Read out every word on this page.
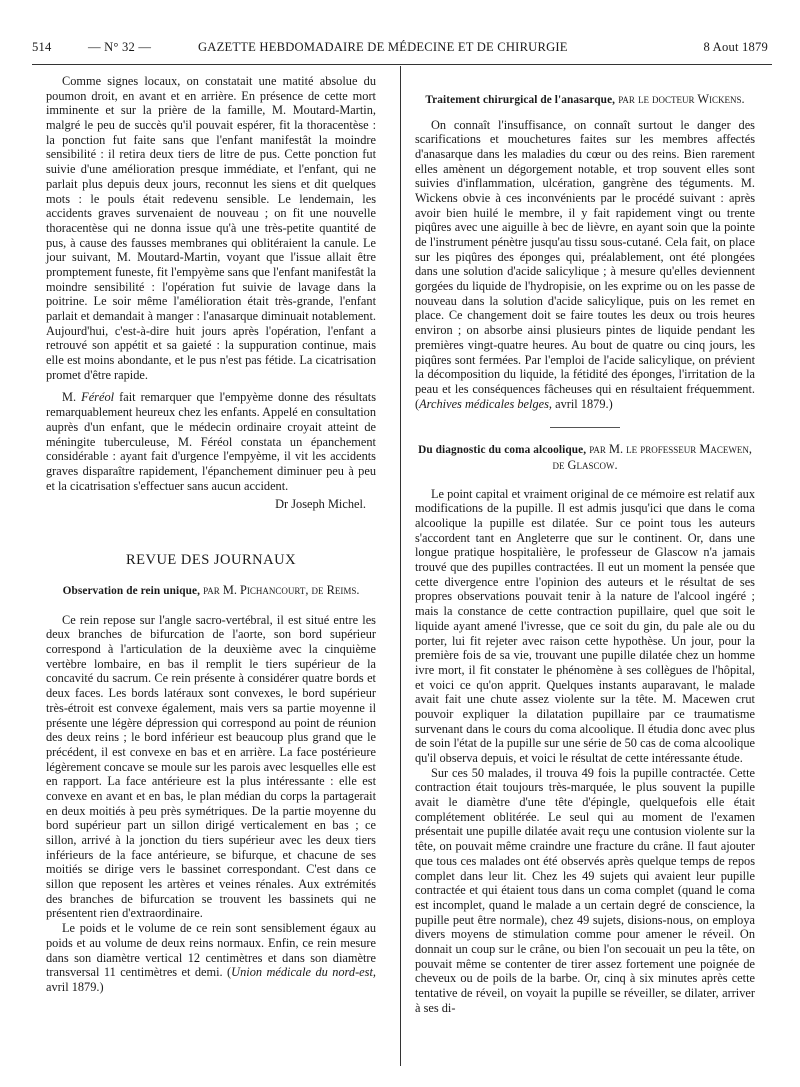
514	— N° 32 —	GAZETTE HEBDOMADAIRE DE MÉDECINE ET DE CHIRURGIE	8 Aout 1879

Comme signes locaux, on constatait une matité absolue du poumon droit, en avant et en arrière. En présence de cette mort imminente et sur la prière de la famille, M. Moutard-Martin, malgré le peu de succès qu'il pouvait espérer, fit la thoracentèse : la ponction fut faite sans que l'enfant manifestât la moindre sensibilité : il retira deux tiers de litre de pus. Cette ponction fut suivie d'une amélioration presque immédiate, et l'enfant, qui ne parlait plus depuis deux jours, reconnut les siens et dit quelques mots : le pouls était redevenu sensible. Le lendemain, les accidents graves survenaient de nouveau ; on fit une nouvelle thoracentèse qui ne donna issue qu'à une très-petite quantité de pus, à cause des fausses membranes qui oblitéraient la canule. Le jour suivant, M. Moutard-Martin, voyant que l'issue allait être promptement funeste, fit l'empyème sans que l'enfant manifestât la moindre sensibilité : l'opération fut suivie de lavage dans la poitrine. Le soir même l'amélioration était très-grande, l'enfant parlait et demandait à manger : l'anasarque diminuait notablement. Aujourd'hui, c'est-à-dire huit jours après l'opération, l'enfant a retrouvé son appétit et sa gaieté : la suppuration continue, mais elle est moins abondante, et le pus n'est pas fétide. La cicatrisation promet d'être rapide.

M. Féréol fait remarquer que l'empyème donne des résultats remarquablement heureux chez les enfants. Appelé en consultation auprès d'un enfant, que le médecin ordinaire croyait atteint de méningite tuberculeuse, M. Féréol constata un épanchement considérable : ayant fait d'urgence l'empyème, il vit les accidents graves disparaître rapidement, l'épanchement diminuer peu à peu et la cicatrisation s'effectuer sans aucun accident.

Dr Joseph Michel.

REVUE DES JOURNAUX

Observation de rein unique, par M. Pichancourt, de Reims.

Ce rein repose sur l'angle sacro-vertébral, il est situé entre les deux branches de bifurcation de l'aorte, son bord supérieur correspond à l'articulation de la deuxième avec la cinquième vertèbre lombaire, en bas il remplit le tiers supérieur de la concavité du sacrum. Ce rein présente à considérer quatre bords et deux faces. Les bords latéraux sont convexes, le bord supérieur très-étroit est convexe également, mais vers sa partie moyenne il présente une légère dépression qui correspond au point de réunion des deux reins ; le bord inférieur est beaucoup plus grand que le précédent, il est convexe en bas et en arrière. La face postérieure légèrement concave se moule sur les parois avec lesquelles elle est en rapport. La face antérieure est la plus intéressante : elle est convexe en avant et en bas, le plan médian du corps la partagerait en deux moitiés à peu près symétriques. De la partie moyenne du bord supérieur part un sillon dirigé verticalement en bas ; ce sillon, arrivé à la jonction du tiers supérieur avec les deux tiers inférieurs de la face antérieure, se bifurque, et chacune de ses moitiés se dirige vers le bassinet correspondant. C'est dans ce sillon que reposent les artères et veines rénales. Aux extrémités des branches de bifurcation se trouvent les bassinets qui ne présentent rien d'extraordinaire.

Le poids et le volume de ce rein sont sensiblement égaux au poids et au volume de deux reins normaux. Enfin, ce rein mesure dans son diamètre vertical 12 centimètres et dans son diamètre transversal 11 centimètres et demi. (Union médicale du nord-est, avril 1879.)

Traitement chirurgical de l'anasarque, par le docteur Wickens.

On connaît l'insuffisance, on connaît surtout le danger des scarifications et mouchetures faites sur les membres affectés d'anasarque dans les maladies du cœur ou des reins. Bien rarement elles amènent un dégorgement notable, et trop souvent elles sont suivies d'inflammation, ulcération, gangrène des téguments. M. Wickens obvie à ces inconvénients par le procédé suivant : après avoir bien huilé le membre, il y fait rapidement vingt ou trente piqûres avec une aiguille à bec de lièvre, en ayant soin que la pointe de l'instrument pénètre jusqu'au tissu sous-cutané. Cela fait, on place sur les piqûres des éponges qui, préalablement, ont été plongées dans une solution d'acide salicylique ; à mesure qu'elles deviennent gorgées du liquide de l'hydropisie, on les exprime ou on les passe de nouveau dans la solution d'acide salicylique, puis on les remet en place. Ce changement doit se faire toutes les deux ou trois heures environ ; on absorbe ainsi plusieurs pintes de liquide pendant les premières vingt-quatre heures. Au bout de quatre ou cinq jours, les piqûres sont fermées. Par l'emploi de l'acide salicylique, on prévient la décomposition du liquide, la fétidité des éponges, l'irritation de la peau et les conséquences fâcheuses qui en résultaient fréquemment. (Archives médicales belges, avril 1879.)

Du diagnostic du coma alcoolique, par M. le professeur Macewen, de Glascow.

Le point capital et vraiment original de ce mémoire est relatif aux modifications de la pupille. Il est admis jusqu'ici que dans le coma alcoolique la pupille est dilatée. Sur ce point tous les auteurs s'accordent tant en Angleterre que sur le continent. Or, dans une longue pratique hospitalière, le professeur de Glascow n'a jamais trouvé que des pupilles contractées. Il eut un moment la pensée que cette divergence entre l'opinion des auteurs et le résultat de ses propres observations pouvait tenir à la nature de l'alcool ingéré ; mais la constance de cette contraction pupillaire, quel que soit le liquide ayant amené l'ivresse, que ce soit du gin, du pale ale ou du porter, lui fit rejeter avec raison cette hypothèse. Un jour, pour la première fois de sa vie, trouvant une pupille dilatée chez un homme ivre mort, il fit constater le phénomène à ses collègues de l'hôpital, et voici ce qu'on apprit. Quelques instants auparavant, le malade avait fait une chute assez violente sur la tête. M. Macewen crut pouvoir expliquer la dilatation pupillaire par ce traumatisme survenant dans le cours du coma alcoolique. Il étudia donc avec plus de soin l'état de la pupille sur une série de 50 cas de coma alcoolique qu'il observa depuis, et voici le résultat de cette intéressante étude.

Sur ces 50 malades, il trouva 49 fois la pupille contractée. Cette contraction était toujours très-marquée, le plus souvent la pupille avait le diamètre d'une tête d'épingle, quelquefois elle était complétement oblitérée. Le seul qui au moment de l'examen présentait une pupille dilatée avait reçu une contusion violente sur la tête, on pouvait même craindre une fracture du crâne. Il faut ajouter que tous ces malades ont été observés après quelque temps de repos complet dans leur lit. Chez les 49 sujets qui avaient leur pupille contractée et qui étaient tous dans un coma complet (quand le coma est incomplet, quand le malade a un certain degré de conscience, la pupille peut être normale), chez 49 sujets, disions-nous, on employa divers moyens de stimulation comme pour amener le réveil. On donnait un coup sur le crâne, ou bien l'on secouait un peu la tête, on pouvait même se contenter de tirer assez fortement une poignée de cheveux ou de poils de la barbe. Or, cinq à six minutes après cette tentative de réveil, on voyait la pupille se réveiller, se dilater, arriver à ses di-
